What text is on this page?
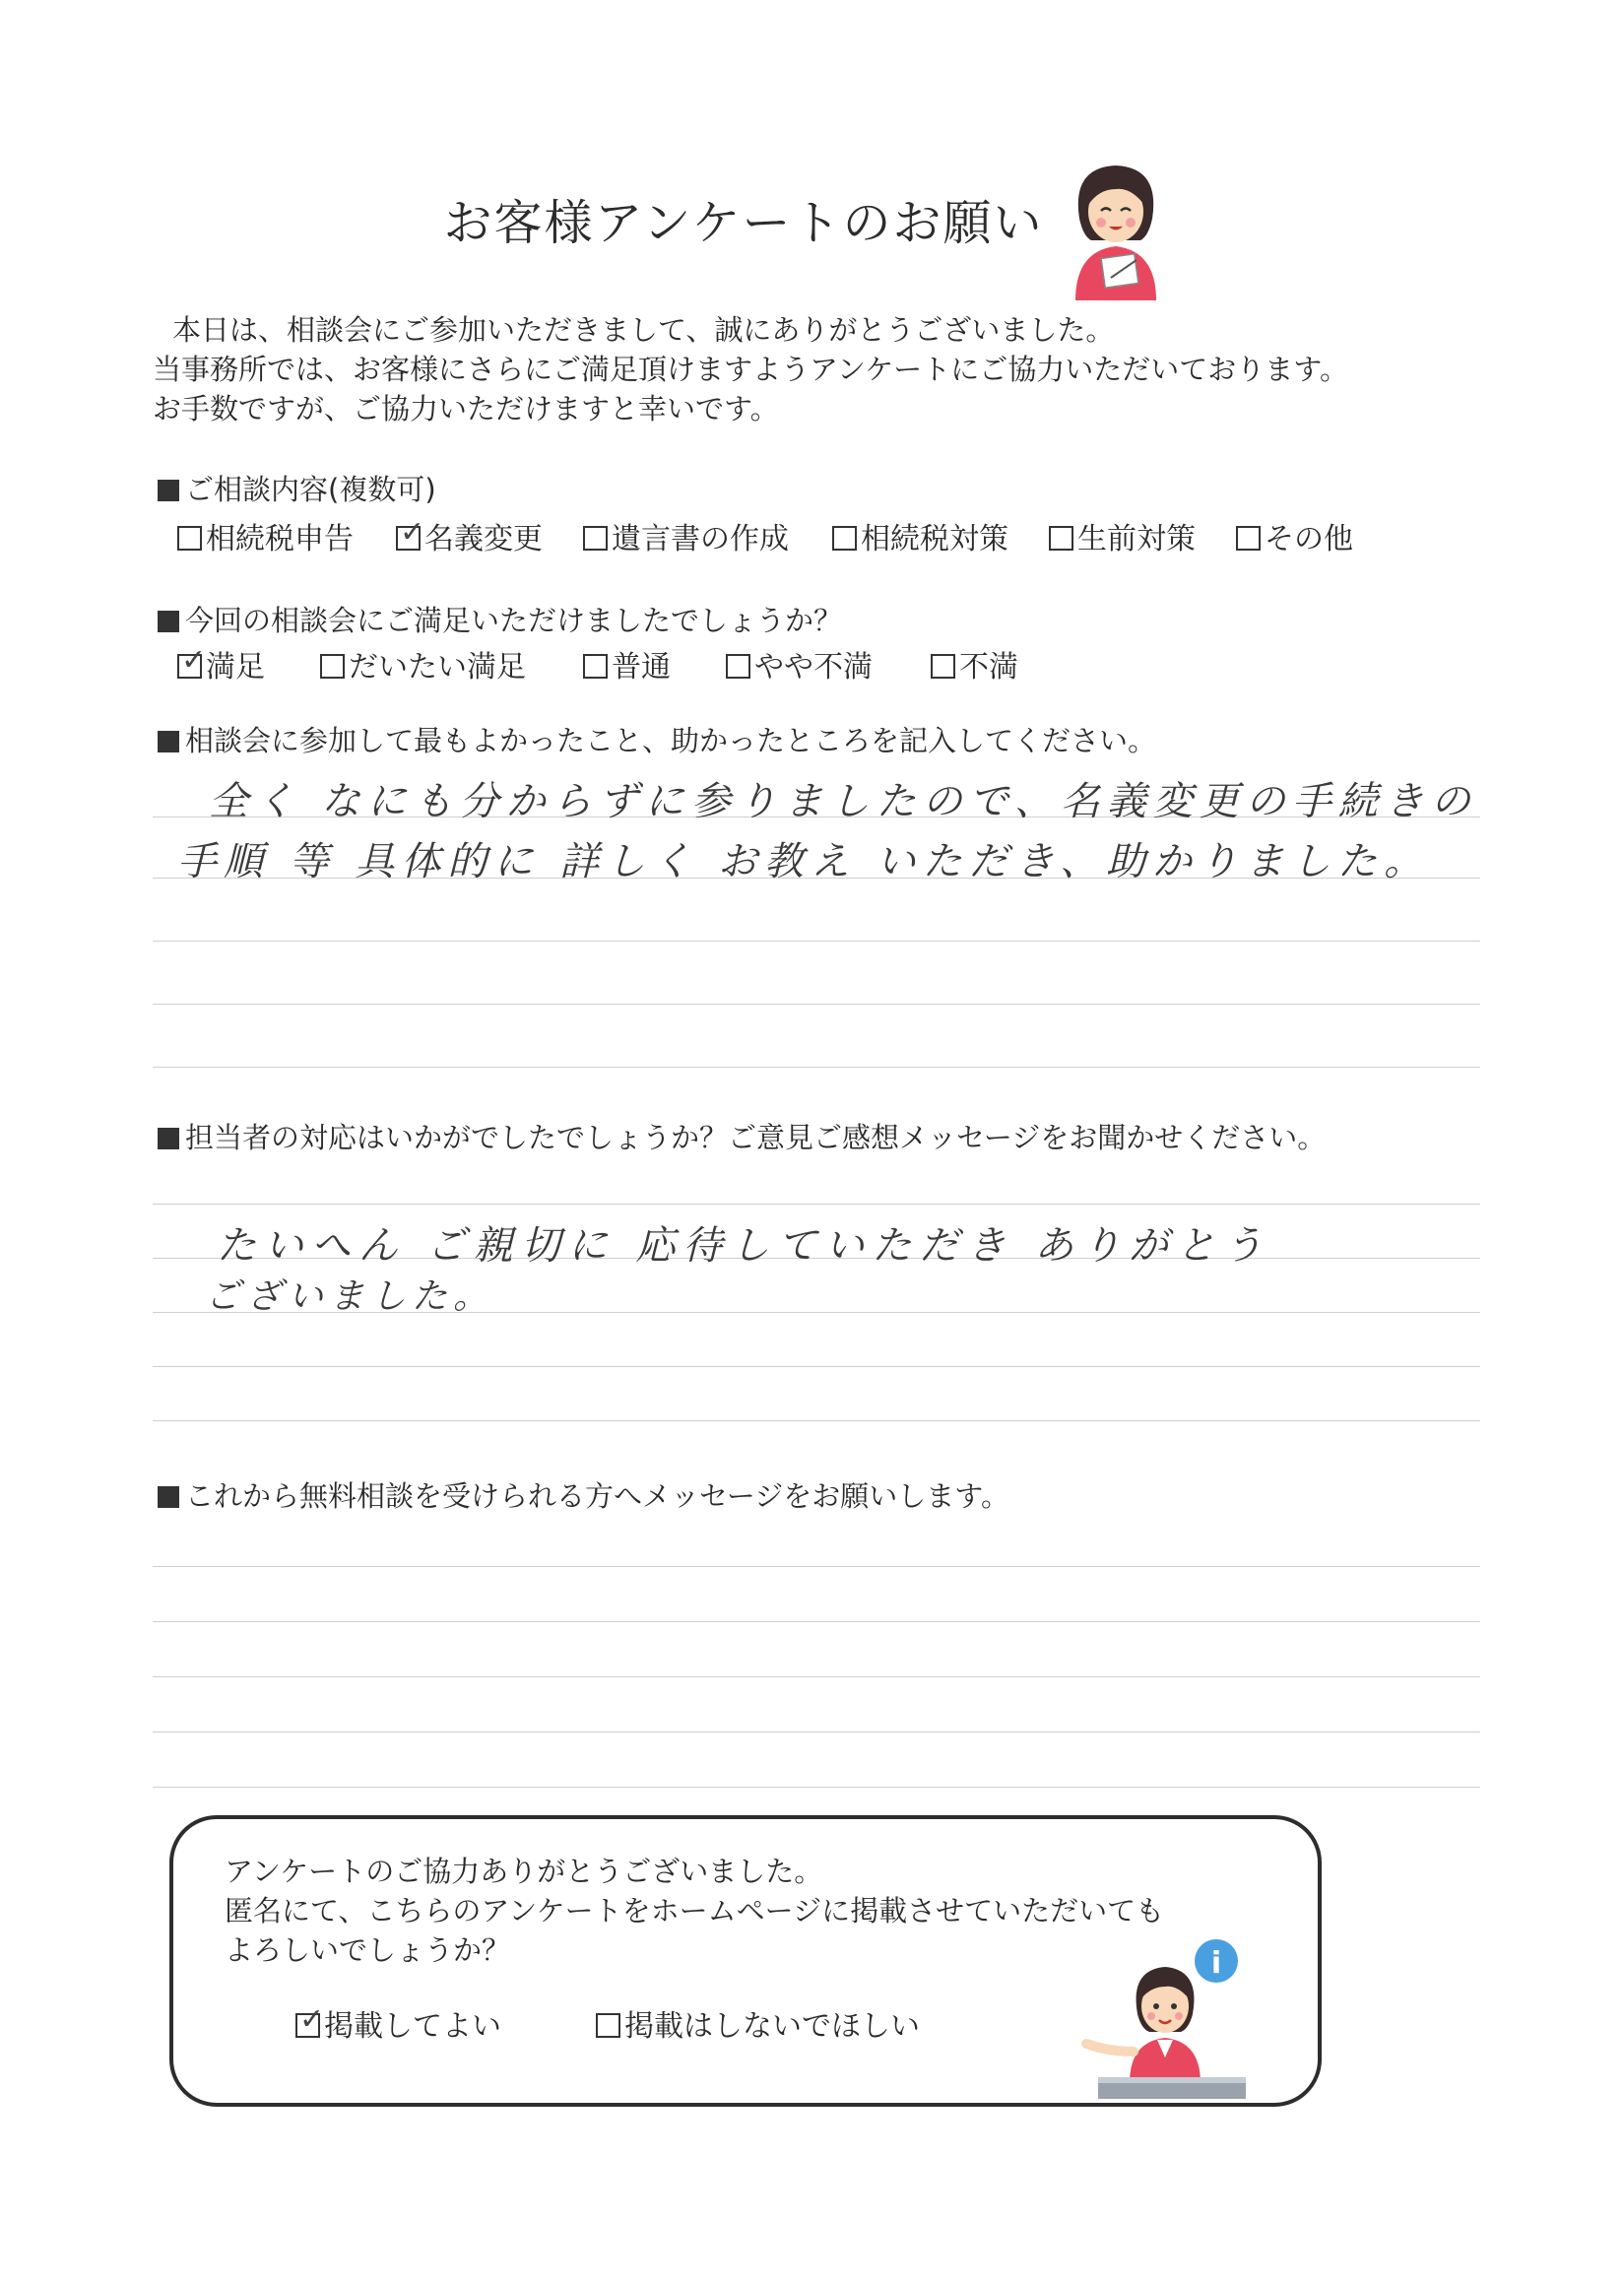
お客様アンケートのお願い
本日は、相談会にご参加いただきまして、誠にありがとうございました。
当事務所では、お客様にさらにご満足頂けますようアンケートにご協力いただいております。
お手数ですが、ご協力いただけますと幸いです。
ご相談内容(複数可)
相続税申告 ✓ 名義変更	遺言書の作成	相続税対策	生前対策	その他
今回の相談会にご満足いただけましたでしょうか？
✓ 満足	だいたい満足	普通	やや不満	不満
相談会に参加して最もよかったこと、助かったところを記入してください。
全く なにも分からずに参りましたので、名義変更の手続きの
手順 等 具体的に 詳しく お教え いただき、助かりました。
担当者の対応はいかがでしたでしょうか？ご意見ご感想メッセージをお聞かせください。
たいへん ご親切に 応待していただき ありがとう
ございました。
これから無料相談を受けられる方へメッセージをお願いします。
アンケートのご協力ありがとうございました。
匿名にて、こちらのアンケートをホームページに掲載させていただいても
よろしいでしょうか？
✓ 掲載してよい	掲載はしないでほしい
i
